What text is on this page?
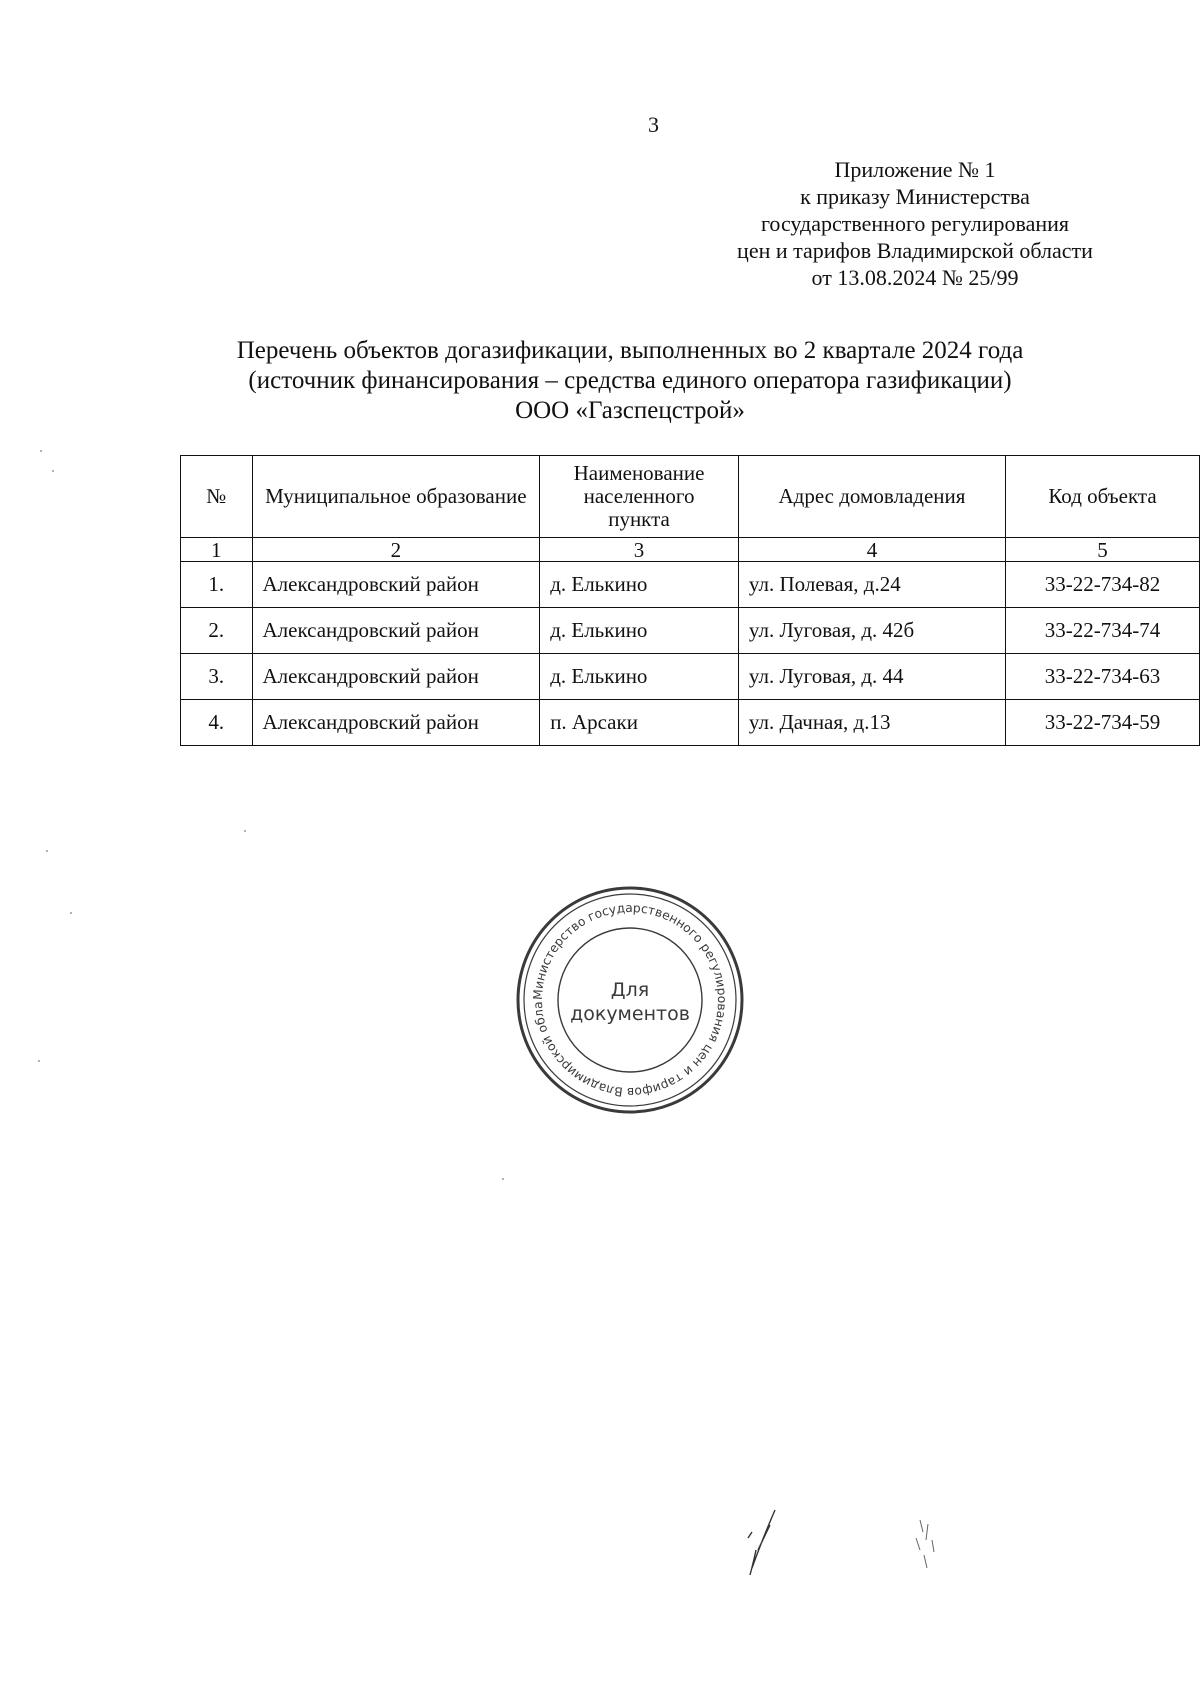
3
Приложение № 1
к приказу Министерства
государственного регулирования
цен и тарифов Владимирской области
от 13.08.2024 № 25/99
Перечень объектов догазификации, выполненных во 2 квартале 2024 года
(источник финансирования – средства единого оператора газификации)
ООО «Газспецстрой»
№	Муниципальное образование	Наименование населенного пункта	Адрес домовладения	Код объекта
1	2	3	4	5
1.	Александровский район	д. Елькино	ул. Полевая, д.24	33-22-734-82
2.	Александровский район	д. Елькино	ул. Луговая, д. 42б	33-22-734-74
3.	Александровский район	д. Елькино	ул. Луговая, д. 44	33-22-734-63
4.	Александровский район	п. Арсаки	ул. Дачная, д.13	33-22-734-59
Министерство государственного регулирования цен и тарифов Владимирской обла
Для
документов
